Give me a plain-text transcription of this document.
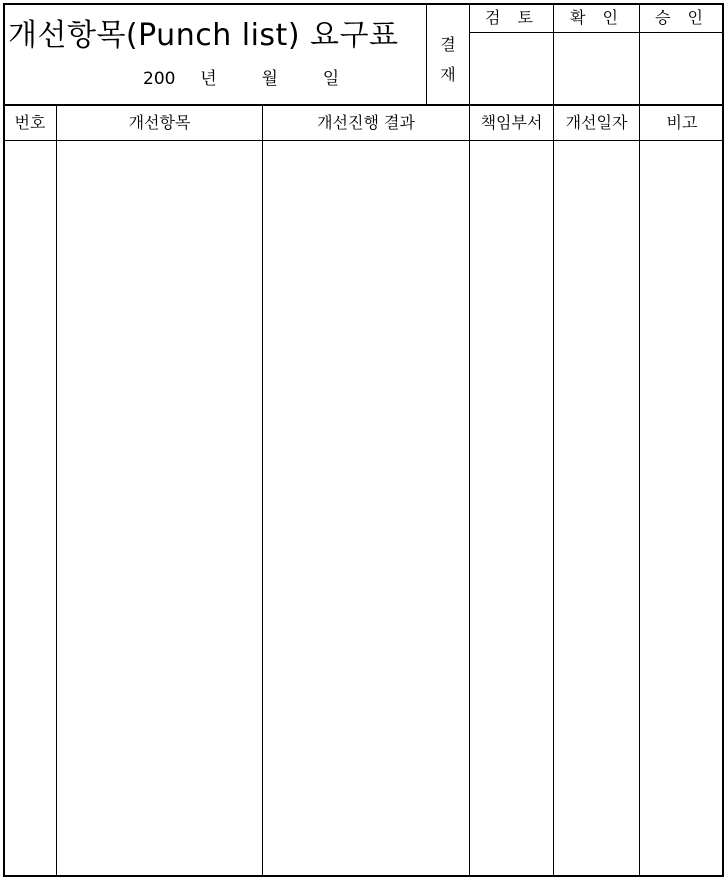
개선항목(Punch list) 요구표
200 년	월	일
결
재
검 토	확 인	승 인
번호	개선항목	개선진행 결과	책임부서	개선일자	비고
